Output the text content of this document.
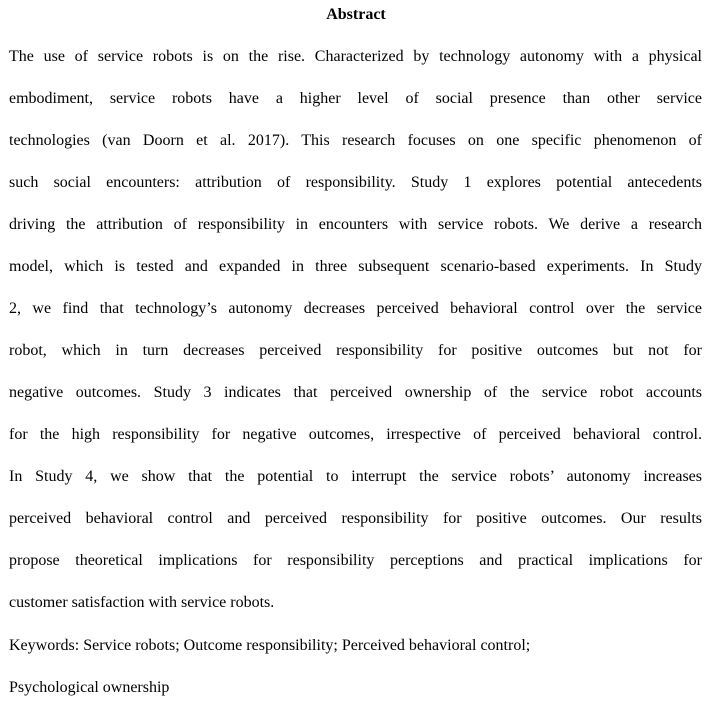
Abstract
The use of service robots is on the rise. Characterized by technology autonomy with a physical
embodiment, service robots have a higher level of social presence than other service
technologies (van Doorn et al. 2017). This research focuses on one specific phenomenon of
such social encounters: attribution of responsibility. Study 1 explores potential antecedents
driving the attribution of responsibility in encounters with service robots. We derive a research
model, which is tested and expanded in three subsequent scenario-based experiments. In Study
2, we find that technology’s autonomy decreases perceived behavioral control over the service
robot, which in turn decreases perceived responsibility for positive outcomes but not for
negative outcomes. Study 3 indicates that perceived ownership of the service robot accounts
for the high responsibility for negative outcomes, irrespective of perceived behavioral control.
In Study 4, we show that the potential to interrupt the service robots’ autonomy increases
perceived behavioral control and perceived responsibility for positive outcomes. Our results
propose theoretical implications for responsibility perceptions and practical implications for
customer satisfaction with service robots.
Keywords: Service robots; Outcome responsibility; Perceived behavioral control;
Psychological ownership
